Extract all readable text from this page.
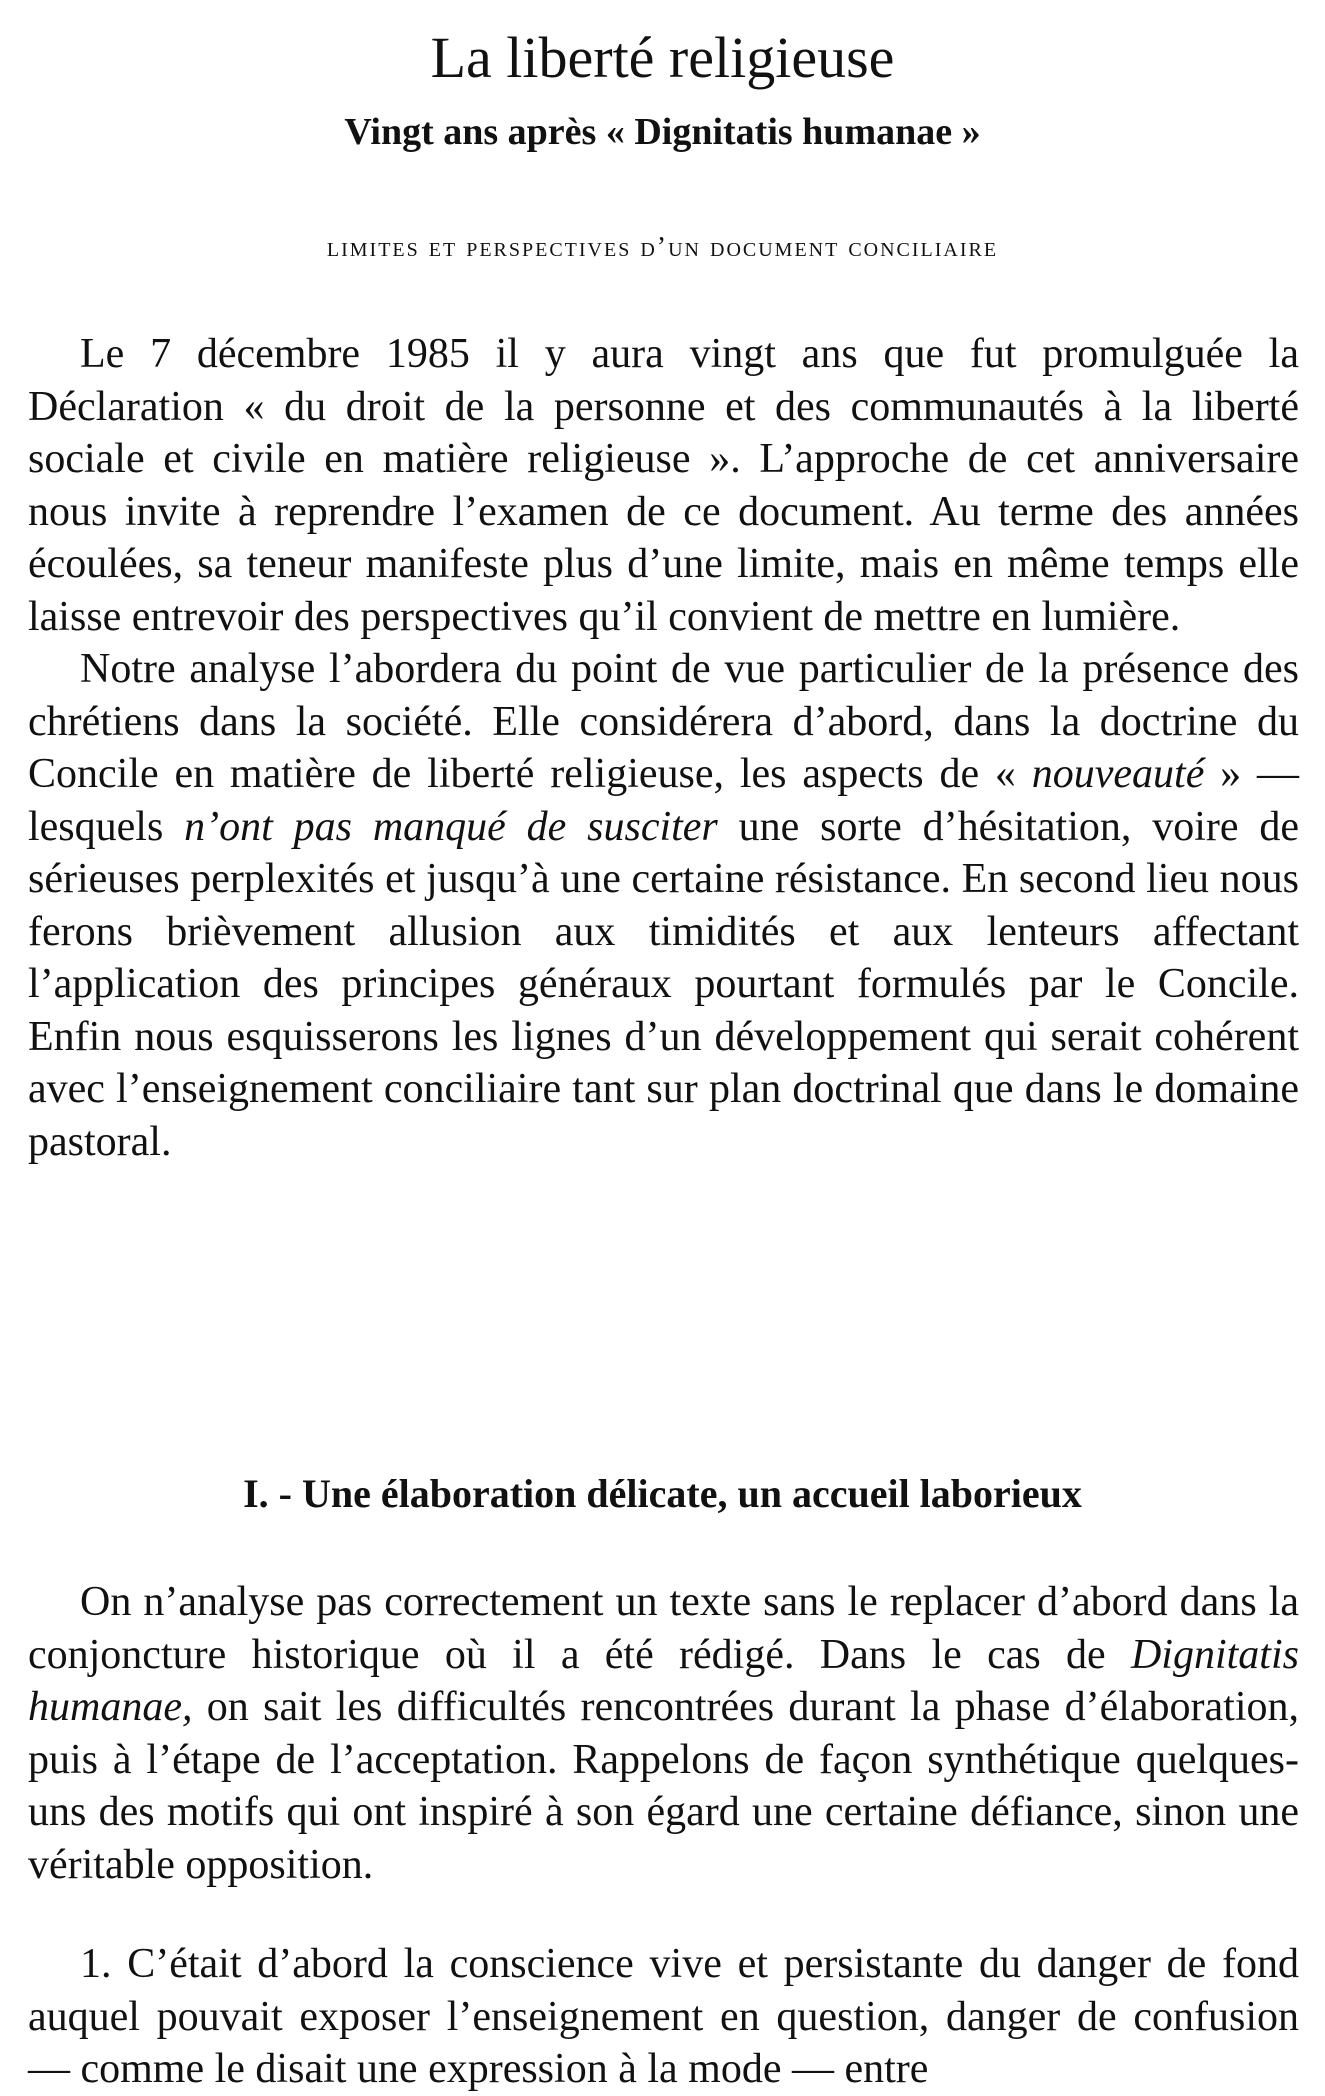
La liberté religieuse
Vingt ans après « Dignitatis humanae »
limites et perspectives d’un document conciliaire

Le 7 décembre 1985 il y aura vingt ans que fut promulguée la Déclaration « du droit de la personne et des communautés à la liberté sociale et civile en matière religieuse ». L’approche de cet anniversaire nous invite à reprendre l’examen de ce document. Au terme des années écoulées, sa teneur manifeste plus d’une limite, mais en même temps elle laisse entrevoir des perspectives qu’il convient de mettre en lumière.

Notre analyse l’abordera du point de vue particulier de la présence des chrétiens dans la société. Elle considérera d’abord, dans la doctrine du Concile en matière de liberté religieuse, les aspects de « nouveauté » — lesquels n’ont pas manqué de susciter une sorte d’hésitation, voire de sérieuses perplexités et jusqu’à une certaine résistance. En second lieu nous ferons brièvement allusion aux timidités et aux lenteurs affectant l’application des principes généraux pourtant formulés par le Concile. Enfin nous esquisserons les lignes d’un développement qui serait cohérent avec l’enseignement conciliaire tant sur plan doctrinal que dans le domaine pastoral.

I. - Une élaboration délicate, un accueil laborieux

On n’analyse pas correctement un texte sans le replacer d’abord dans la conjoncture historique où il a été rédigé. Dans le cas de Dignitatis humanae, on sait les difficultés rencontrées durant la phase d’élaboration, puis à l’étape de l’acceptation. Rappelons de façon synthétique quelques-uns des motifs qui ont inspiré à son égard une certaine défiance, sinon une véritable opposition.

1. C’était d’abord la conscience vive et persistante du danger de fond auquel pouvait exposer l’enseignement en question, danger de confusion — comme le disait une expression à la mode — entre
